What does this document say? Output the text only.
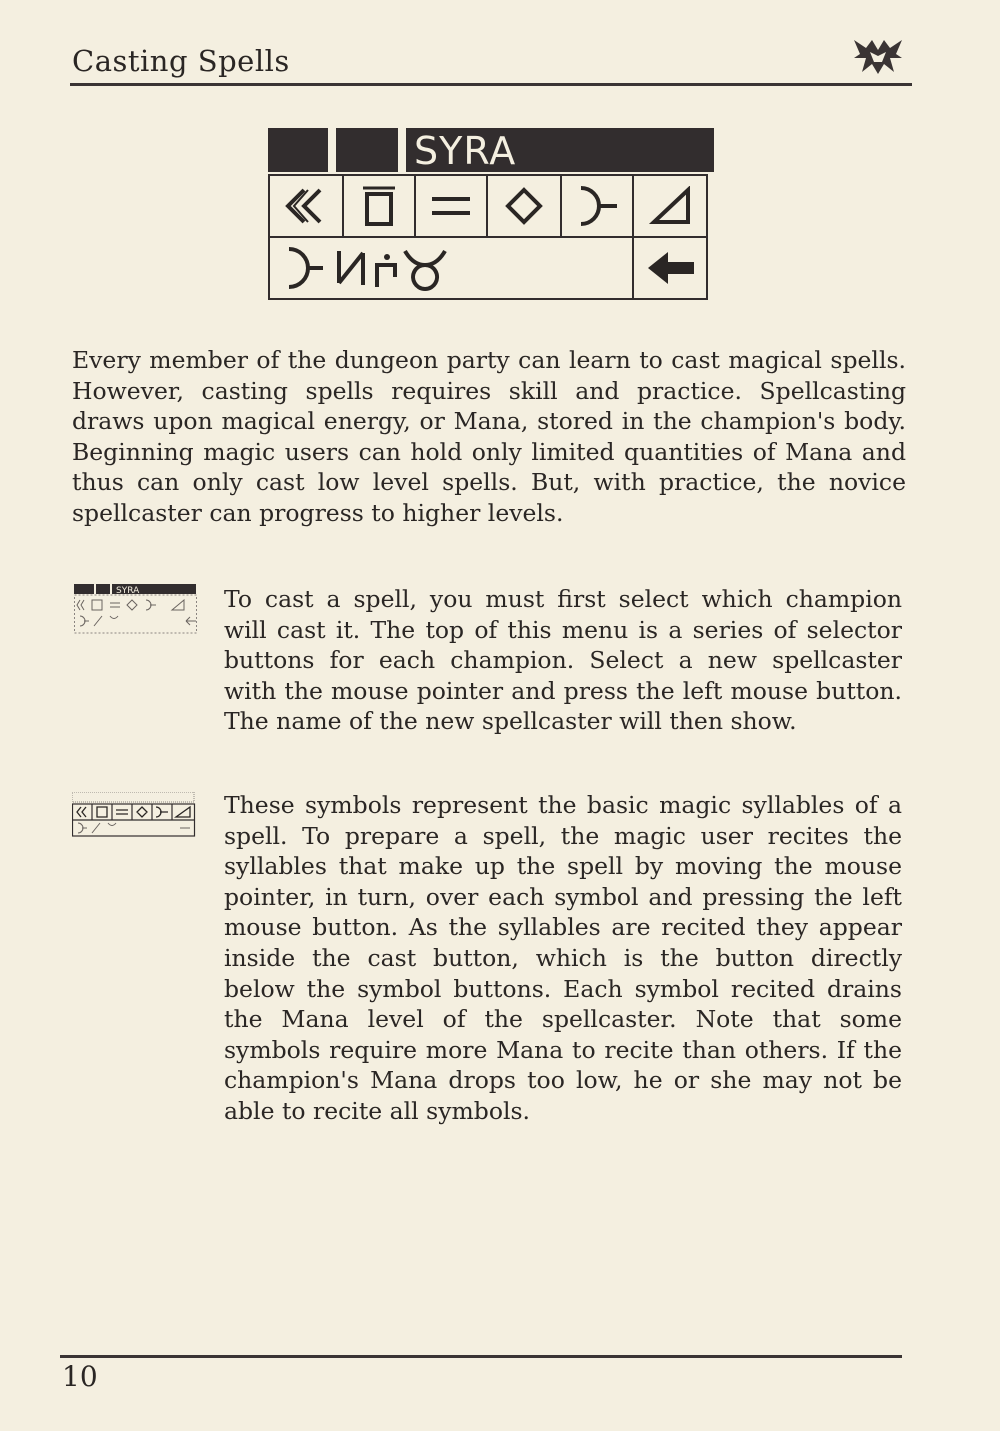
Casting Spells
SYRA

Every member of the dungeon party can learn to cast magical spells. However, casting spells requires skill and practice. Spellcasting draws upon magical energy, or Mana, stored in the champion's body. Beginning magic users can hold only limited quantities of Mana and thus can only cast low level spells. But, with practice, the novice spellcaster can progress to higher levels.

SYRA	To cast a spell, you must first select which champion will cast it. The top of this menu is a series of selector buttons for each champion. Select a new spellcaster with the mouse pointer and press the left mouse button. The name of the new spellcaster will then show.

These symbols represent the basic magic syllables of a spell. To prepare a spell, the magic user recites the syllables that make up the spell by moving the mouse pointer, in turn, over each symbol and pressing the left mouse button. As the syllables are recited they appear inside the cast button, which is the button directly below the symbol buttons. Each symbol recited drains the Mana level of the spellcaster. Note that some symbols require more Mana to recite than others. If the champion's Mana drops too low, he or she may not be able to recite all symbols.

10
